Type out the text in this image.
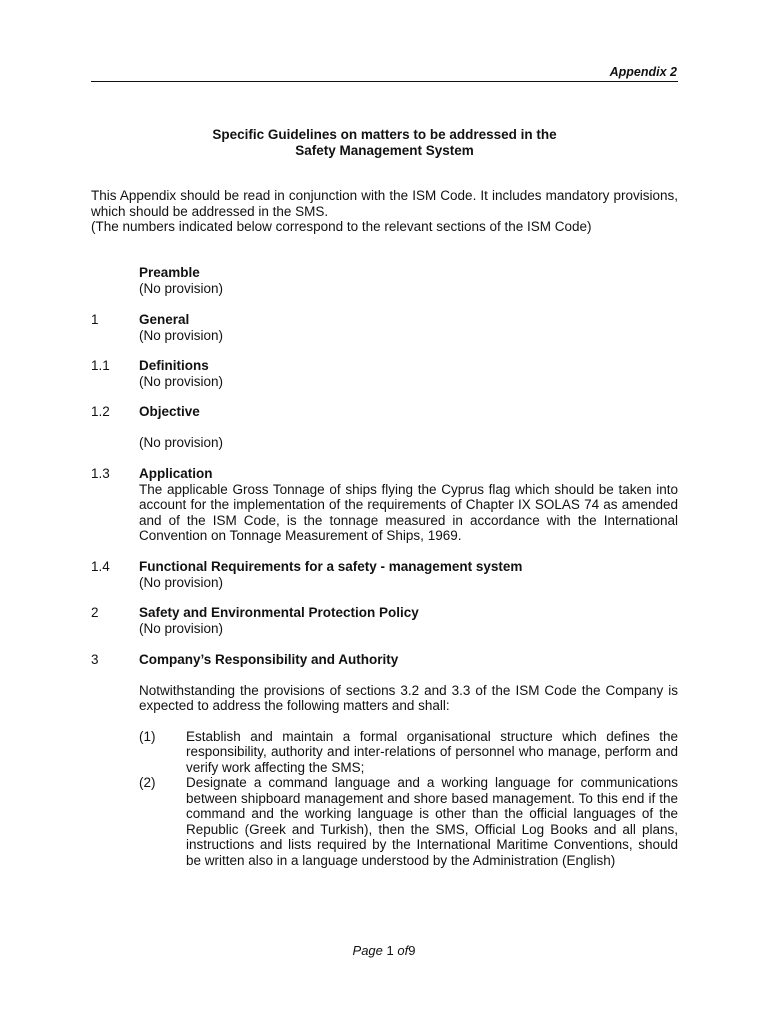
Appendix 2
Specific Guidelines on matters to be addressed in the
Safety Management System

This Appendix should be read in conjunction with the ISM Code. It includes mandatory provisions, which should be addressed in the SMS.

(The numbers indicated below correspond to the relevant sections of the ISM Code)

Preamble

(No provision)

1	General

(No provision)

1.1	Definitions

(No provision)

1.2	Objective

(No provision)

1.3	Application

The applicable Gross Tonnage of ships flying the Cyprus flag which should be taken into account for the implementation of the requirements of Chapter IX SOLAS 74 as amended and of the ISM Code, is the tonnage measured in accordance with the International Convention on Tonnage Measurement of Ships, 1969.

1.4	Functional Requirements for a safety - management system

(No provision)

2	Safety and Environmental Protection Policy

(No provision)

3	Company’s Responsibility and Authority

Notwithstanding the provisions of sections 3.2 and 3.3 of the ISM Code the Company is expected to address the following matters and shall:

(1) Establish and maintain a formal organisational structure which defines the responsibility, authority and inter-relations of personnel who manage, perform and verify work affecting the SMS;
(2) Designate a command language and a working language for communications between shipboard management and shore based management. To this end if the command and the working language is other than the official languages of the Republic (Greek and Turkish), then the SMS, Official Log Books and all plans, instructions and lists required by the International Maritime Conventions, should be written also in a language understood by the Administration (English)
Page 1 of9
